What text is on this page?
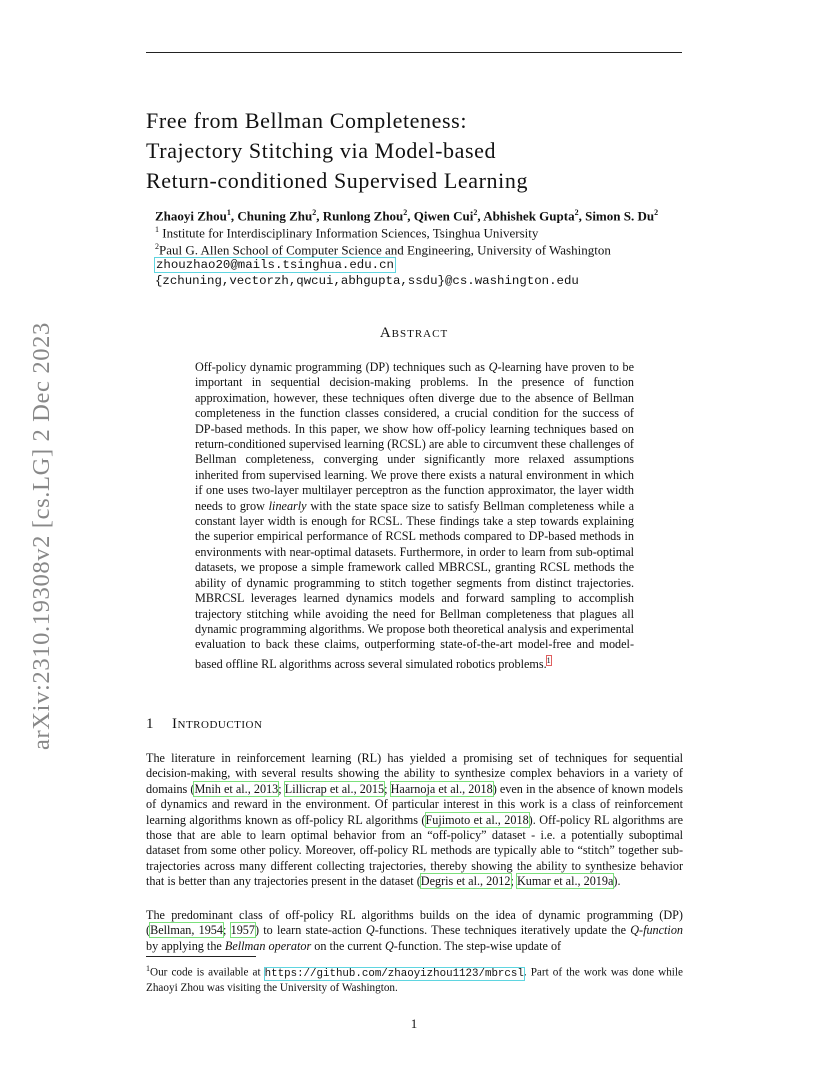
Free from Bellman Completeness:
Trajectory Stitching via Model-based
Return-conditioned Supervised Learning
Zhaoyi Zhou$^1$, Chuning Zhu$^2$, Runlong Zhou$^2$, Qiwen Cui$^2$, Abhishek Gupta$^2$, Simon S. Du$^2$
$^1$ Institute for Interdisciplinary Information Sciences, Tsinghua University
$^2$Paul G. Allen School of Computer Science and Engineering, University of Washington
zhouzhao20@mails.tsinghua.edu.cn
{zchuning,vectorzh,qwcui,abhgupta,ssdu}@cs.washington.edu
arXiv:2310.19308v2 [cs.LG] 2 Dec 2023	Abstract
Off-policy dynamic programming (DP) techniques such as Q-learning have proven to be important in sequential decision-making problems. In the presence of function approximation, however, these techniques often diverge due to the absence of Bellman completeness in the function classes considered, a crucial condition for the success of DP-based methods. In this paper, we show how off-policy learning techniques based on return-conditioned supervised learning (RCSL) are able to circumvent these challenges of Bellman completeness, converging under significantly more relaxed assumptions inherited from supervised learning. We prove there exists a natural environment in which if one uses two-layer multilayer perceptron as the function approximator, the layer width needs to grow linearly with the state space size to satisfy Bellman completeness while a constant layer width is enough for RCSL. These findings take a step towards explaining the superior empirical performance of RCSL methods compared to DP-based methods in environments with near-optimal datasets. Furthermore, in order to learn from sub-optimal datasets, we propose a simple framework called MBRCSL, granting RCSL methods the ability of dynamic programming to stitch together segments from distinct trajectories. MBRCSL leverages learned dynamics models and forward sampling to accomplish trajectory stitching while avoiding the need for Bellman completeness that plagues all dynamic programming algorithms. We propose both theoretical analysis and experimental evaluation to back these claims, outperforming state-of-the-art model-free and model-based offline RL algorithms across several simulated robotics problems.$^1$
1 Introduction
The literature in reinforcement learning (RL) has yielded a promising set of techniques for sequential decision-making, with several results showing the ability to synthesize complex behaviors in a variety of domains (Mnih et al., 2013; Lillicrap et al., 2015; Haarnoja et al., 2018) even in the absence of known models of dynamics and reward in the environment. Of particular interest in this work is a class of reinforcement learning algorithms known as off-policy RL algorithms (Fujimoto et al., 2018). Off-policy RL algorithms are those that are able to learn optimal behavior from an “off-policy” dataset - i.e. a potentially suboptimal dataset from some other policy. Moreover, off-policy RL methods are typically able to “stitch” together sub-trajectories across many different collecting trajectories, thereby showing the ability to synthesize behavior that is better than any trajectories present in the dataset (Degris et al., 2012; Kumar et al., 2019a).
The predominant class of off-policy RL algorithms builds on the idea of dynamic programming (DP) (Bellman, 1954; 1957) to learn state-action Q-functions. These techniques iteratively update the Q-function by applying the Bellman operator on the current Q-function. The step-wise update of
$^1$Our code is available at https://github.com/zhaoyizhou1123/mbrcsl. Part of the work was done while Zhaoyi Zhou was visiting the University of Washington.
1
